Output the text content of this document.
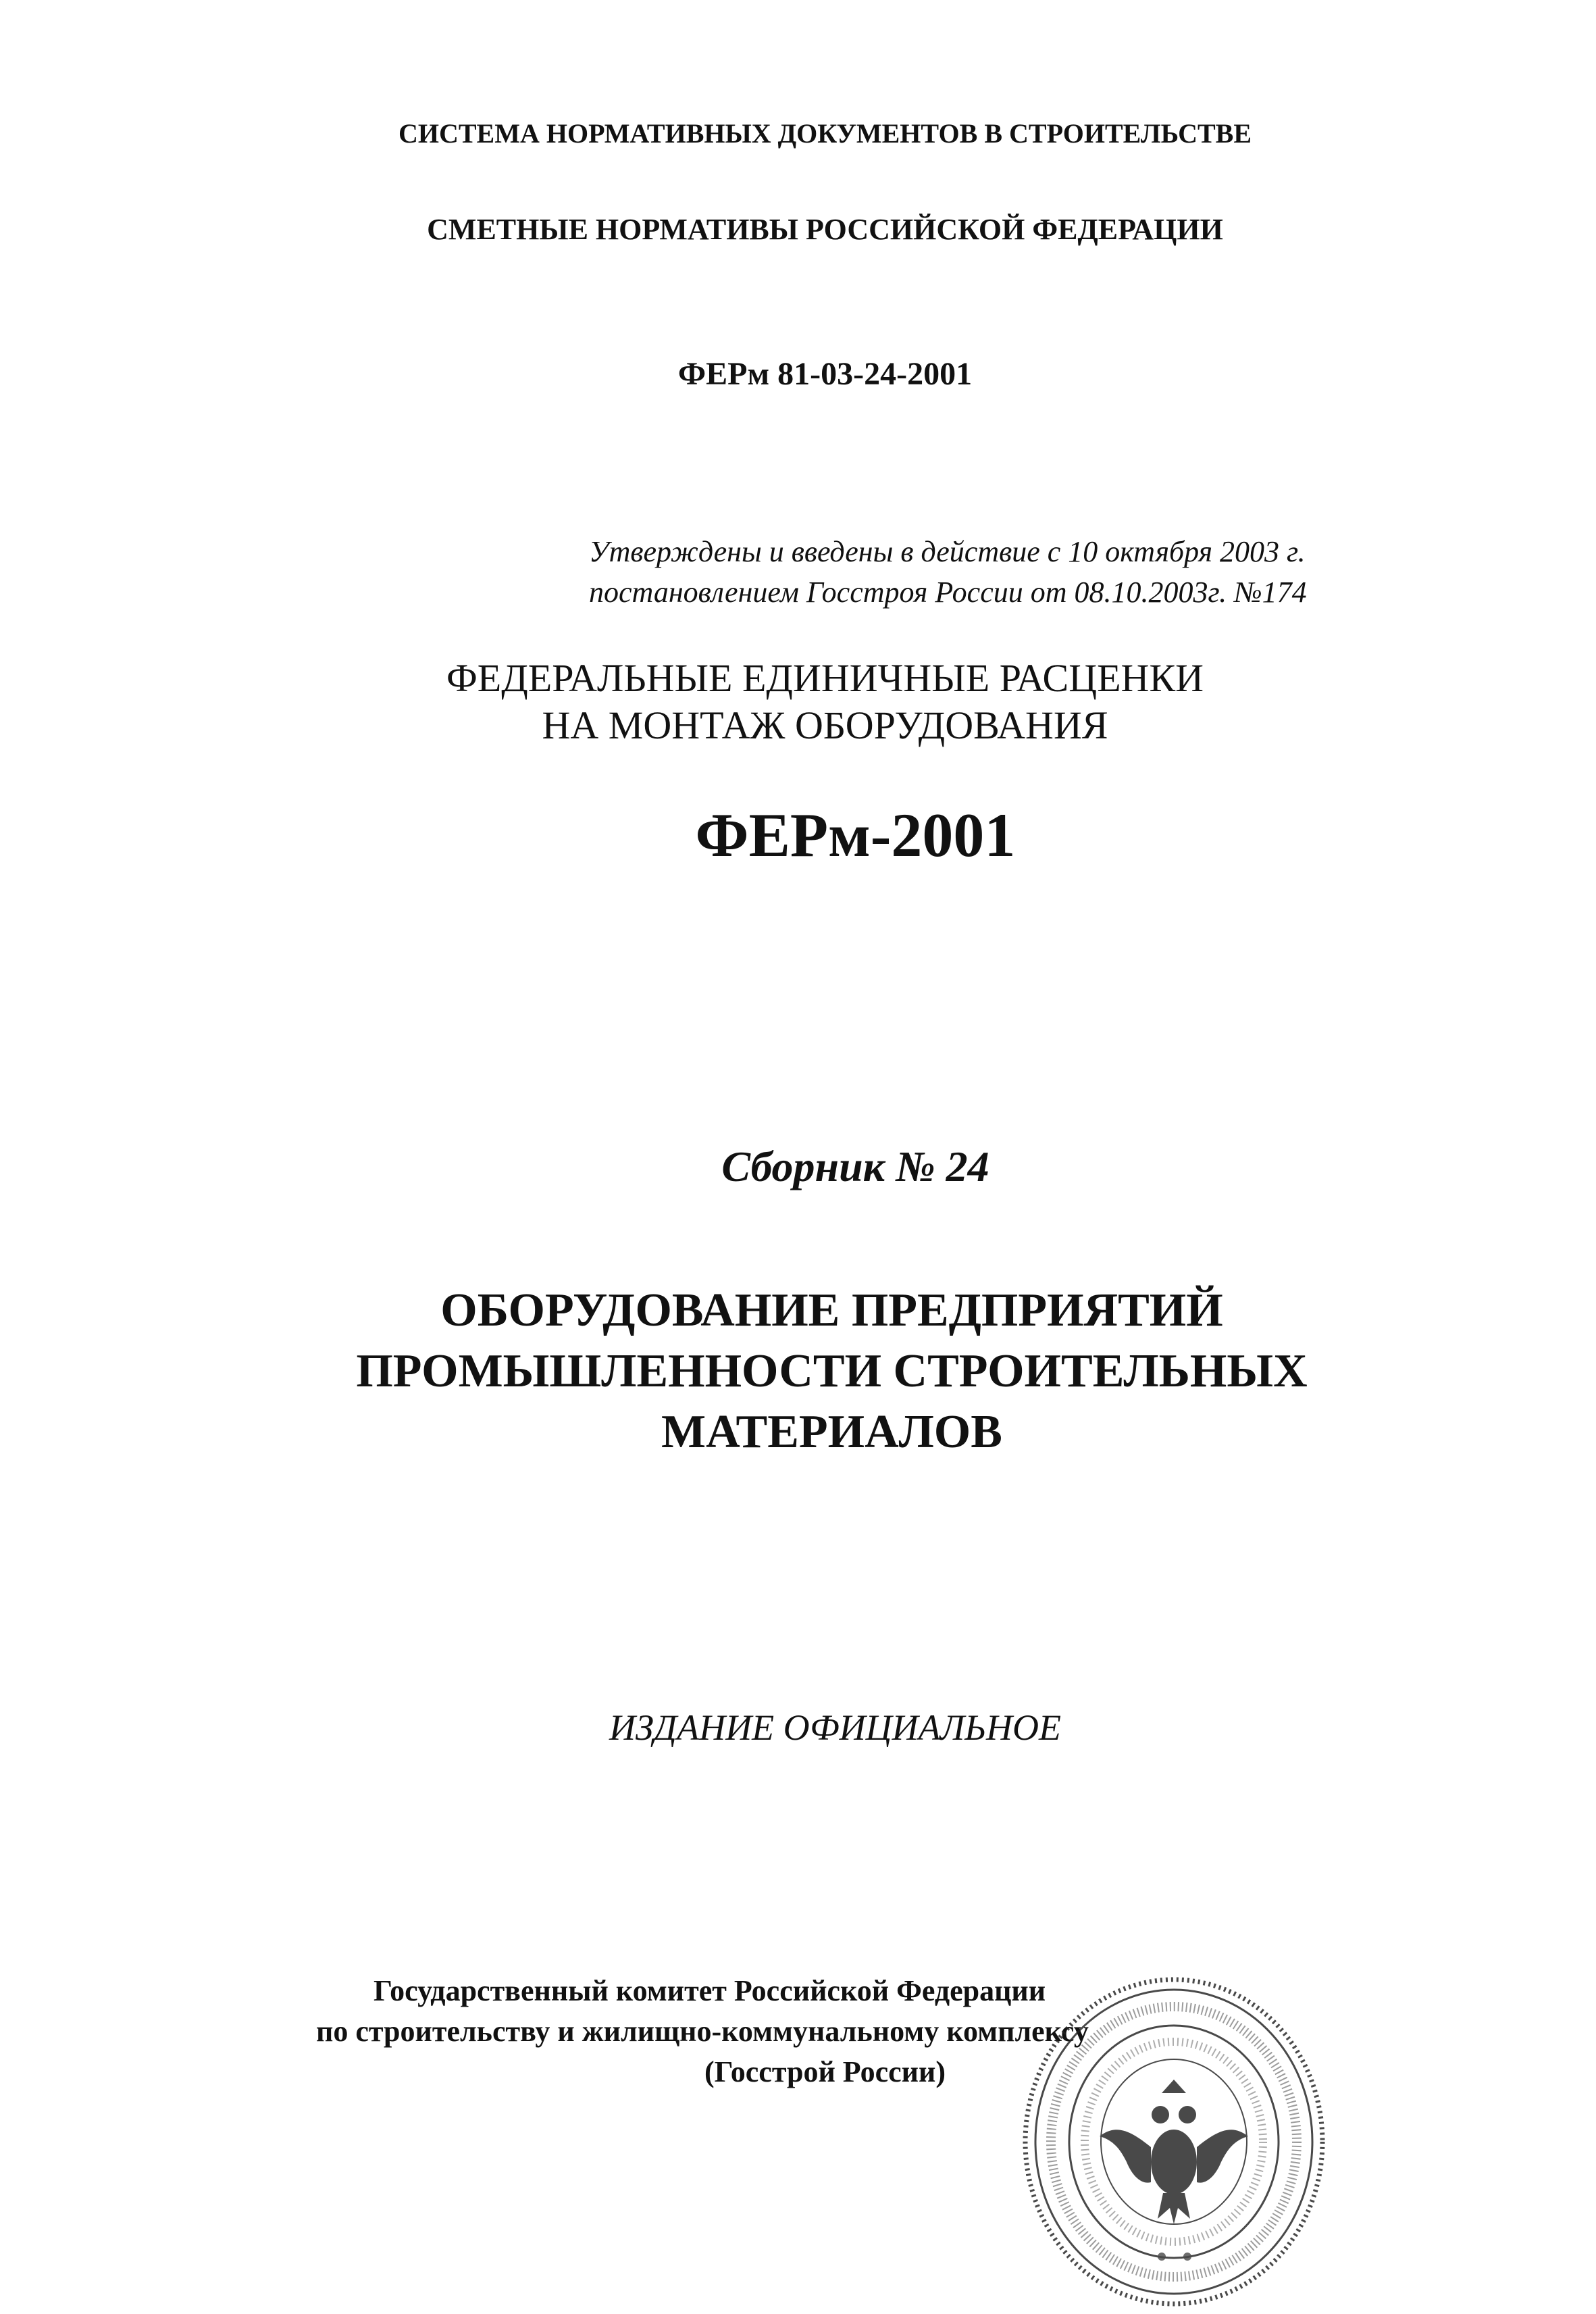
СИСТЕМА НОРМАТИВНЫХ ДОКУМЕНТОВ В СТРОИТЕЛЬСТВЕ
СМЕТНЫЕ НОРМАТИВЫ РОССИЙСКОЙ ФЕДЕРАЦИИ
ФЕРм 81-03-24-2001
Утверждены и введены в действие с 10 октября 2003 г.
постановлением Госстроя России от 08.10.2003г. №174
ФЕДЕРАЛЬНЫЕ ЕДИНИЧНЫЕ РАСЦЕНКИ
НА МОНТАЖ ОБОРУДОВАНИЯ
ФЕРм-2001
Сборник № 24
ОБОРУДОВАНИЕ ПРЕДПРИЯТИЙ
ПРОМЫШЛЕННОСТИ СТРОИТЕЛЬНЫХ
МАТЕРИАЛОВ
ИЗДАНИЕ ОФИЦИАЛЬНОЕ
Государственный комитет Российской Федерации
по строительству и жилищно-коммунальному комплексу
(Госстрой России)
